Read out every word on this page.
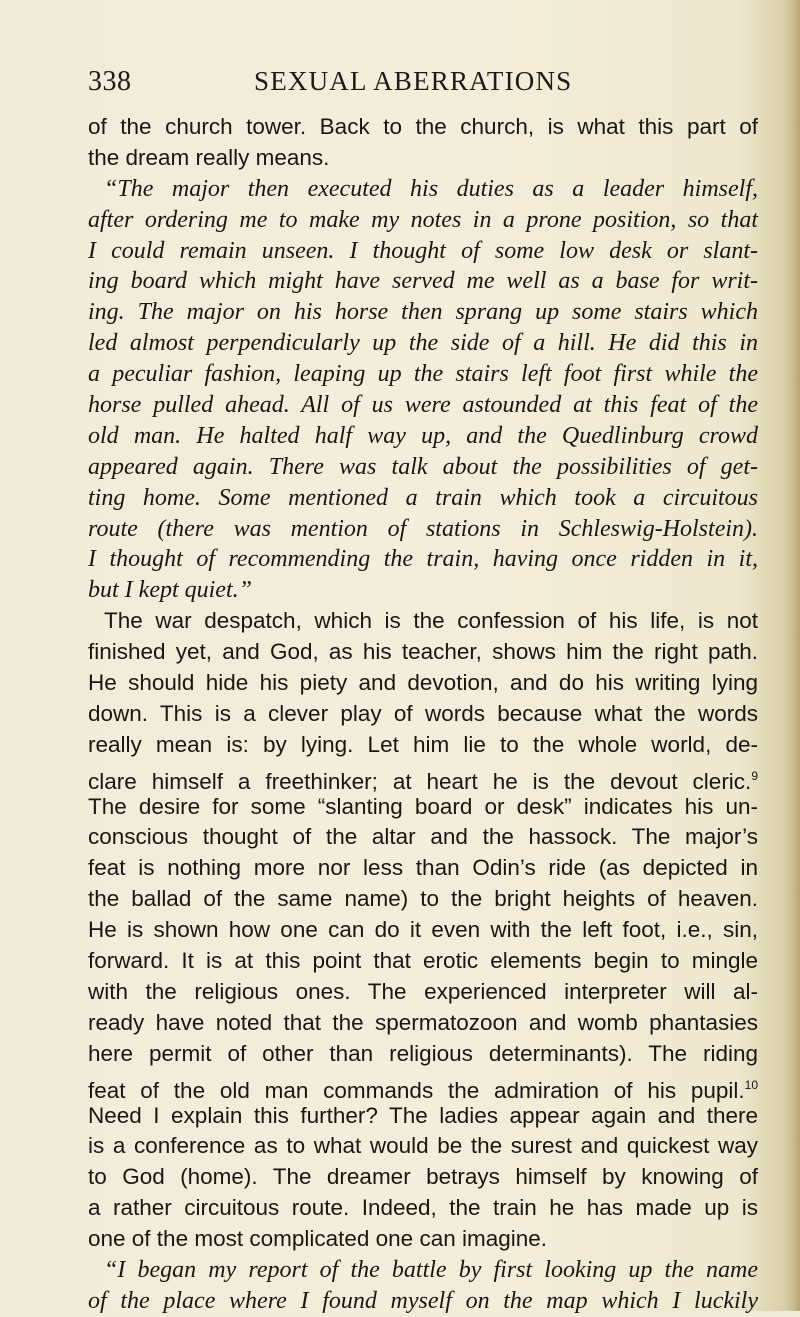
338	SEXUAL ABERRATIONS
of the church tower. Back to the church, is what this part of
the dream really means.
“The major then executed his duties as a leader himself,
after ordering me to make my notes in a prone position, so that
I could remain unseen. I thought of some low desk or slant-
ing board which might have served me well as a base for writ-
ing. The major on his horse then sprang up some stairs which
led almost perpendicularly up the side of a hill. He did this in
a peculiar fashion, leaping up the stairs left foot first while the
horse pulled ahead. All of us were astounded at this feat of the
old man. He halted half way up, and the Quedlinburg crowd
appeared again. There was talk about the possibilities of get-
ting home. Some mentioned a train which took a circuitous
route (there was mention of stations in Schleswig-Holstein).
I thought of recommending the train, having once ridden in it,
but I kept quiet.”
The war despatch, which is the confession of his life, is not
finished yet, and God, as his teacher, shows him the right path.
He should hide his piety and devotion, and do his writing lying
down. This is a clever play of words because what the words
really mean is: by lying. Let him lie to the whole world, de-
clare himself a freethinker; at heart he is the devout cleric.$^9$
The desire for some “slanting board or desk” indicates his un-
conscious thought of the altar and the hassock. The major’s
feat is nothing more nor less than Odin’s ride (as depicted in
the ballad of the same name) to the bright heights of heaven.
He is shown how one can do it even with the left foot, i.e., sin,
forward. It is at this point that erotic elements begin to mingle
with the religious ones. The experienced interpreter will al-
ready have noted that the spermatozoon and womb phantasies
here permit of other than religious determinants). The riding
feat of the old man commands the admiration of his pupil.$^{10}$
Need I explain this further? The ladies appear again and there
is a conference as to what would be the surest and quickest way
to God (home). The dreamer betrays himself by knowing of
a rather circuitous route. Indeed, the train he has made up is
one of the most complicated one can imagine.
“I began my report of the battle by first looking up the name
of the place where I found myself on the map which I luckily
